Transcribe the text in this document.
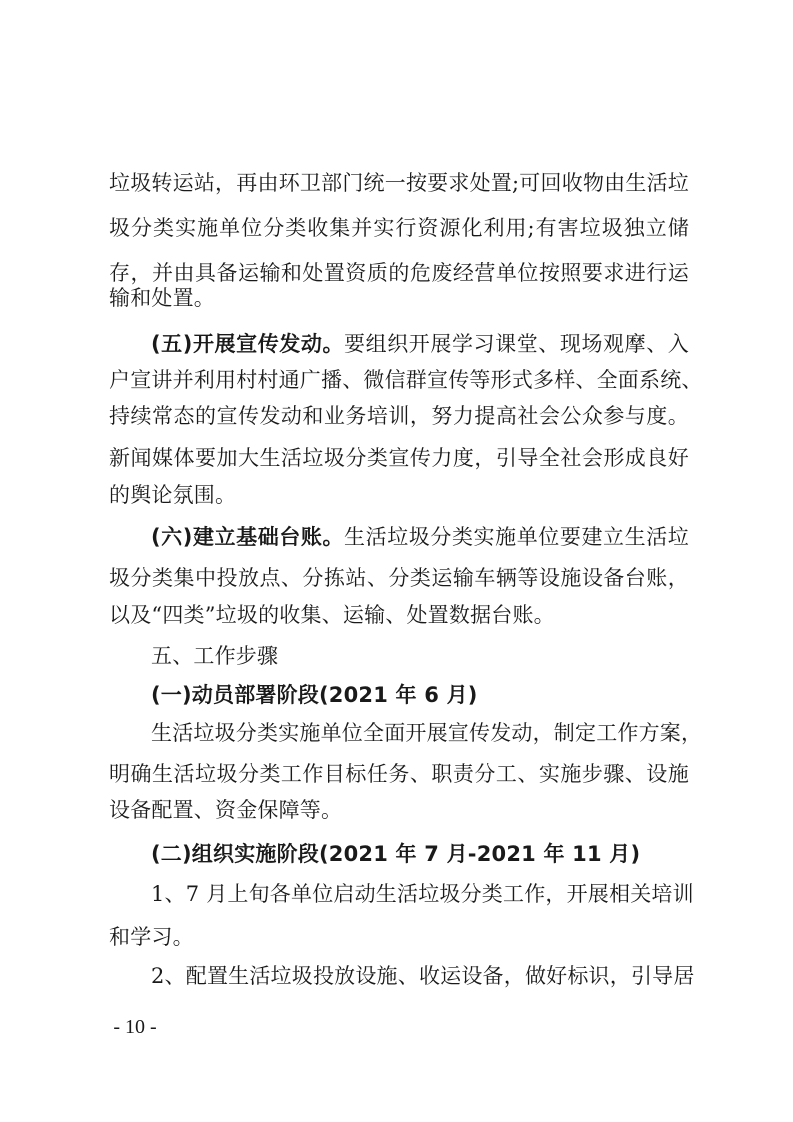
垃圾转运站，再由环卫部门统一按要求处置;可回收物由生活垃
圾分类实施单位分类收集并实行资源化利用;有害垃圾独立储
存，并由具备运输和处置资质的危废经营单位按照要求进行运
输和处置。
(五)开展宣传发动。要组织开展学习课堂、现场观摩、入
户宣讲并利用村村通广播、微信群宣传等形式多样、全面系统、
持续常态的宣传发动和业务培训，努力提高社会公众参与度。
新闻媒体要加大生活垃圾分类宣传力度，引导全社会形成良好
的舆论氛围。
(六)建立基础台账。生活垃圾分类实施单位要建立生活垃
圾分类集中投放点、分拣站、分类运输车辆等设施设备台账，
以及“四类”垃圾的收集、运输、处置数据台账。
五、工作步骤
(一)动员部署阶段(2021 年 6 月)
生活垃圾分类实施单位全面开展宣传发动，制定工作方案，
明确生活垃圾分类工作目标任务、职责分工、实施步骤、设施
设备配置、资金保障等。
(二)组织实施阶段(2021 年 7 月-2021 年 11 月)
1、7 月上旬各单位启动生活垃圾分类工作，开展相关培训
和学习。
2、配置生活垃圾投放设施、收运设备，做好标识，引导居
- 10 -
